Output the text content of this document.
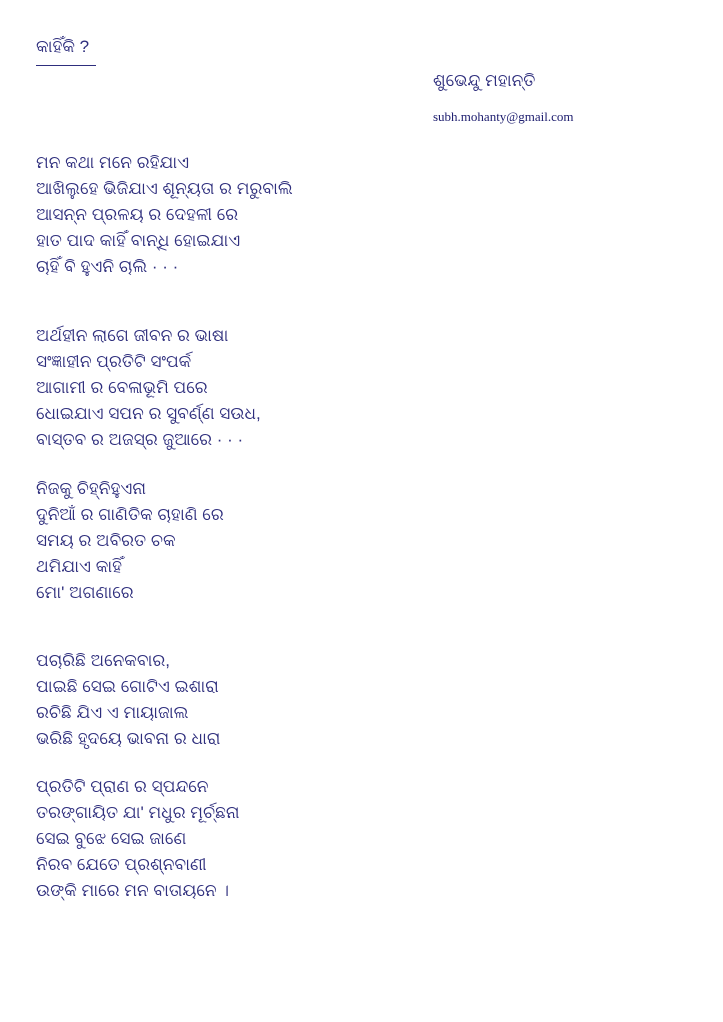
କାହିଁକି ?
ଶୁଭେନ୍ଦୁ ମହାନ୍ତି
subh.mohanty@gmail.com

ମନ କଥା ମନେ ରହିଯାଏ

ଆଖିଲୁହେ ଭିଜିଯାଏ ଶୂନ୍ୟତା ର ମରୁବାଲି

ଆସନ୍ନ ପ୍ରଳୟ ର ଦେହଳୀ ରେ

ହାତ ପାଦ କାହିଁ ବାନ୍ଧି ହୋଇଯାଏ

ଚାହିଁ ବି ହୁଏନି ଚାଲି · · ·

ଅର୍ଥହୀନ ଲାଗେ ଜୀବନ ର ଭାଷା

ସଂଜ୍ଞାହୀନ ପ୍ରତିଟି ସଂପର୍କ

ଆଗାମୀ ର ବେଳାଭୂମି ପରେ

ଧୋଇଯାଏ ସପନ ର ସୁବର୍ଣ୍ଣ ସଉଧ,

ବାସ୍ତବ ର ଅଜସ୍ର ଜୁଆରେ · · ·

ନିଜକୁ ଚିହ୍ନିହୁଏନା

ଦୁନିଆଁ ର ଗାଣିତିକ ଚାହାଣି ରେ

ସମୟ ର ଅବିରତ ଚକ

ଥମିଯାଏ କାହିଁ

ମୋ' ଅଗଣାରେ

ପଚାରିଛି ଅନେକବାର,

ପାଇଛି ସେଇ ଗୋଟିଏ ଇଶାରା

ରଚିଛି ଯିଏ ଏ ମାୟାଜାଲ

ଭରିଛି ହୃଦୟେ ଭାବନା ର ଧାରା

ପ୍ରତିଟି ପ୍ରାଣ ର ସ୍ପନ୍ଦନେ

ତରଙ୍ଗାୟିତ ଯା' ମଧୁର ମୂର୍ଚ୍ଛନା

ସେଇ ବୁଝେ ସେଇ ଜାଣେ

ନିରବ ଯେତେ ପ୍ରଶ୍ନବାଣୀ

ଉଙ୍କି ମାରେ ମନ ବାତାୟନେ ।
